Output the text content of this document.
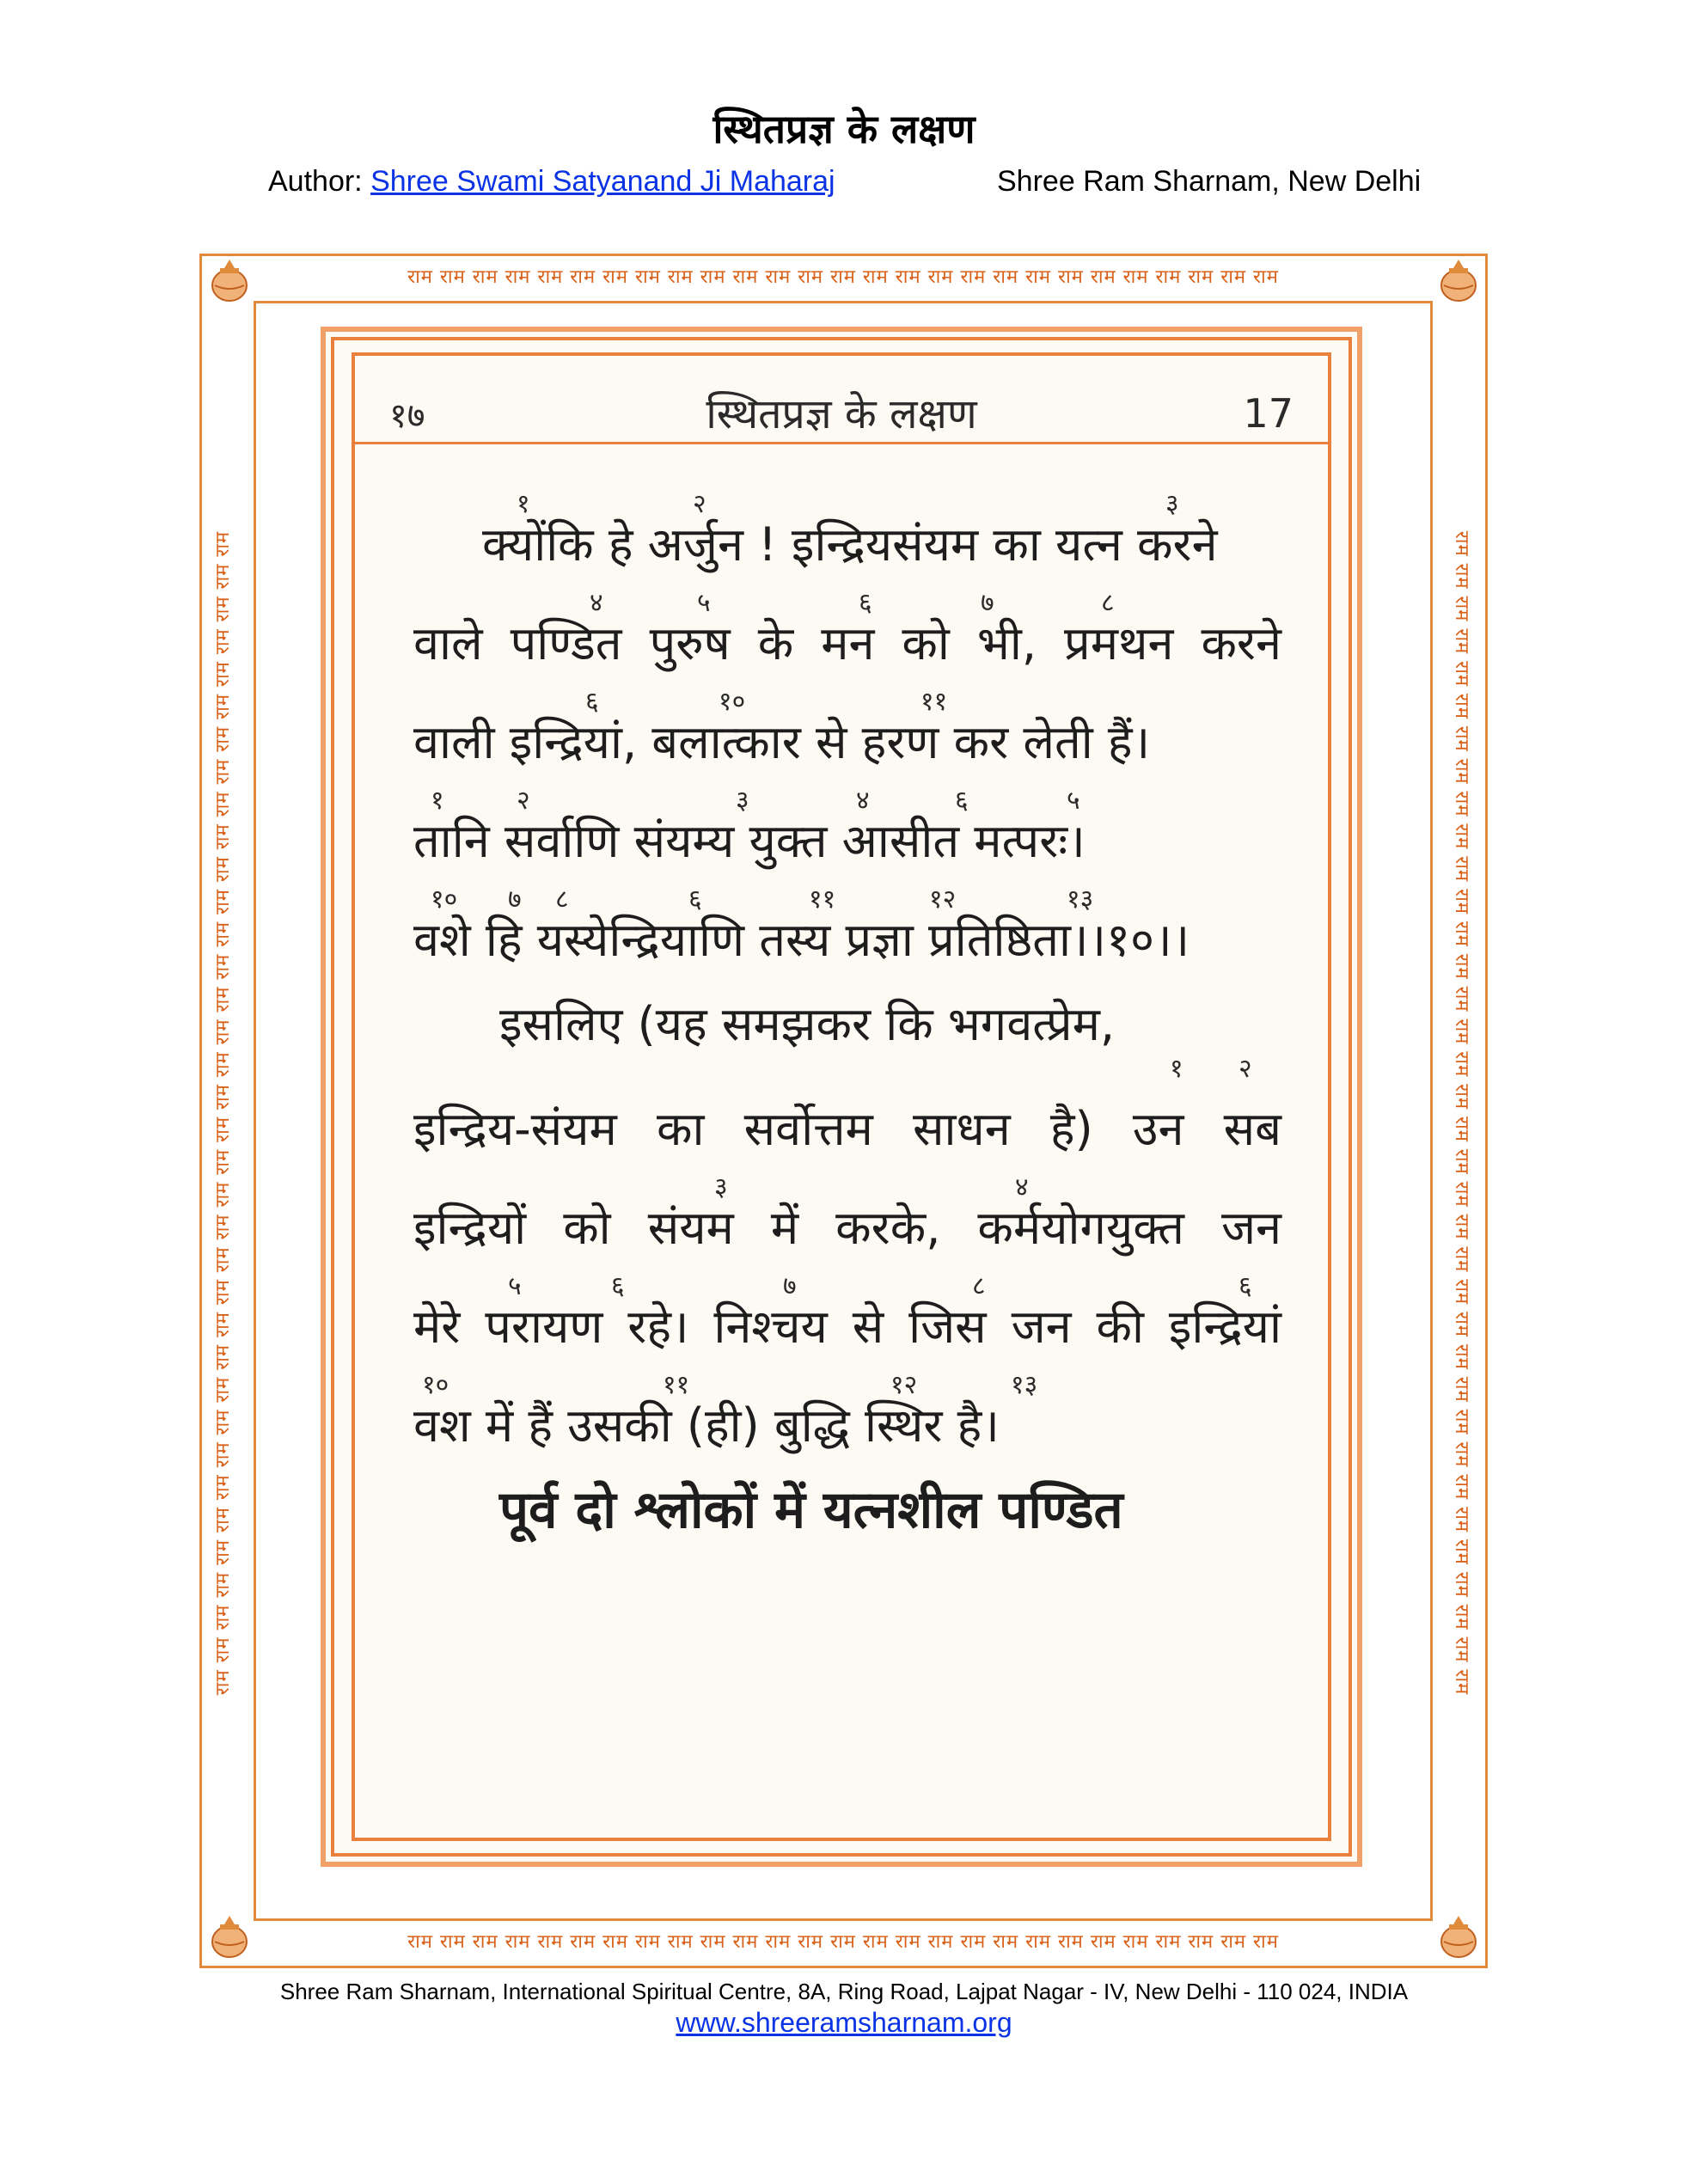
स्थितप्रज्ञ के लक्षण
Author: Shree Swami Satyanand Ji Maharaj	Shree Ram Sharnam, New Delhi
राम राम राम राम राम राम राम राम राम राम राम राम राम राम राम राम राम राम राम राम राम राम राम राम राम राम राम
राम राम राम राम राम राम राम राम राम राम राम राम राम राम राम राम राम राम राम राम राम राम राम राम राम राम राम
राम राम राम राम राम राम राम राम राम राम राम राम राम राम राम राम राम राम राम राम राम राम राम राम राम राम राम राम राम राम राम राम राम राम राम राम	राम राम राम राम राम राम राम राम राम राम राम राम राम राम राम राम राम राम राम राम राम राम राम राम राम राम राम राम राम राम राम राम राम राम राम राम
१७	स्थितप्रज्ञ के लक्षण	17
१	२	३
क्योंकि हे अर्जुन ! इन्द्रियसंयम का यत्न करने
४	५	६	७	८
वाले पण्डित पुरुष के मन को भी, प्रमथन करने
६	१०	११
वाली इन्द्रियां, बलात्कार से हरण कर लेती हैं।
१	२	३	४	६	५
तानि सर्वाणि संयम्य युक्त आसीत मत्परः।
१० ७ ८	६	११	१२	१३
वशे हि यस्येन्द्रियाणि तस्य प्रज्ञा प्रतिष्ठिता।।१०।।
इसलिए (यह समझकर कि भगवत्प्रेम,
१ २
इन्द्रिय-संयम का सर्वोत्तम साधन है) उन सब
३	४
इन्द्रियों को संयम में करके, कर्मयोगयुक्त जन
५	६	७	८	६
मेरे परायण रहे। निश्चय से जिस जन की इन्द्रियां
१०	११	१२	१३
वश में हैं उसकी (ही) बुद्धि स्थिर है।
पूर्व दो श्लोकों में यत्नशील पण्डित
Shree Ram Sharnam, International Spiritual Centre, 8A, Ring Road, Lajpat Nagar - IV, New Delhi - 110 024, INDIA
www.shreeramsharnam.org
